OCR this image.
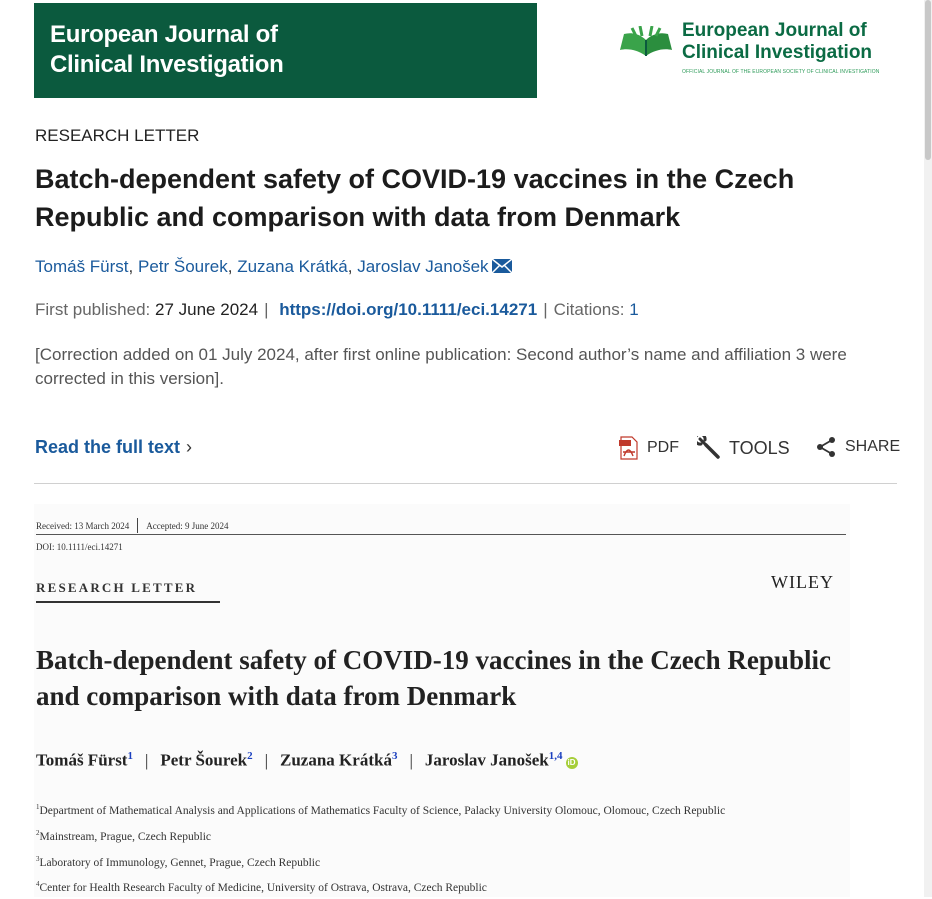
European Journal of
Clinical Investigation
European Journal of
Clinical Investigation
OFFICIAL JOURNAL OF THE EUROPEAN SOCIETY OF CLINICAL INVESTIGATION
RESEARCH LETTER
Batch-dependent safety of COVID-19 vaccines in the Czech Republic and comparison with data from Denmark
Tomáš Fürst, Petr Šourek, Zuzana Krátká, Jaroslav Janošek
First published: 27 June 2024 | https://doi.org/10.1111/eci.14271 | Citations: 1
[Correction added on 01 July 2024, after first online publication: Second author’s name and affiliation 3 were corrected in this version].
Read the full text ›	PDF	TOOLS	SHARE
Received: 13 March 2024 Accepted: 9 June 2024
DOI: 10.1111/eci.14271
RESEARCH LETTER	WILEY
Batch-dependent safety of COVID-19 vaccines in the Czech Republic and comparison with data from Denmark
Tomáš Fürst$^1$ | Petr Šourek$^2$ | Zuzana Krátká$^3$ | Jaroslav Janošek$^{1,4}$iD
$^1$Department of Mathematical Analysis and Applications of Mathematics Faculty of Science, Palacky University Olomouc, Olomouc, Czech Republic
$^2$Mainstream, Prague, Czech Republic
$^3$Laboratory of Immunology, Gennet, Prague, Czech Republic
$^4$Center for Health Research Faculty of Medicine, University of Ostrava, Ostrava, Czech Republic
